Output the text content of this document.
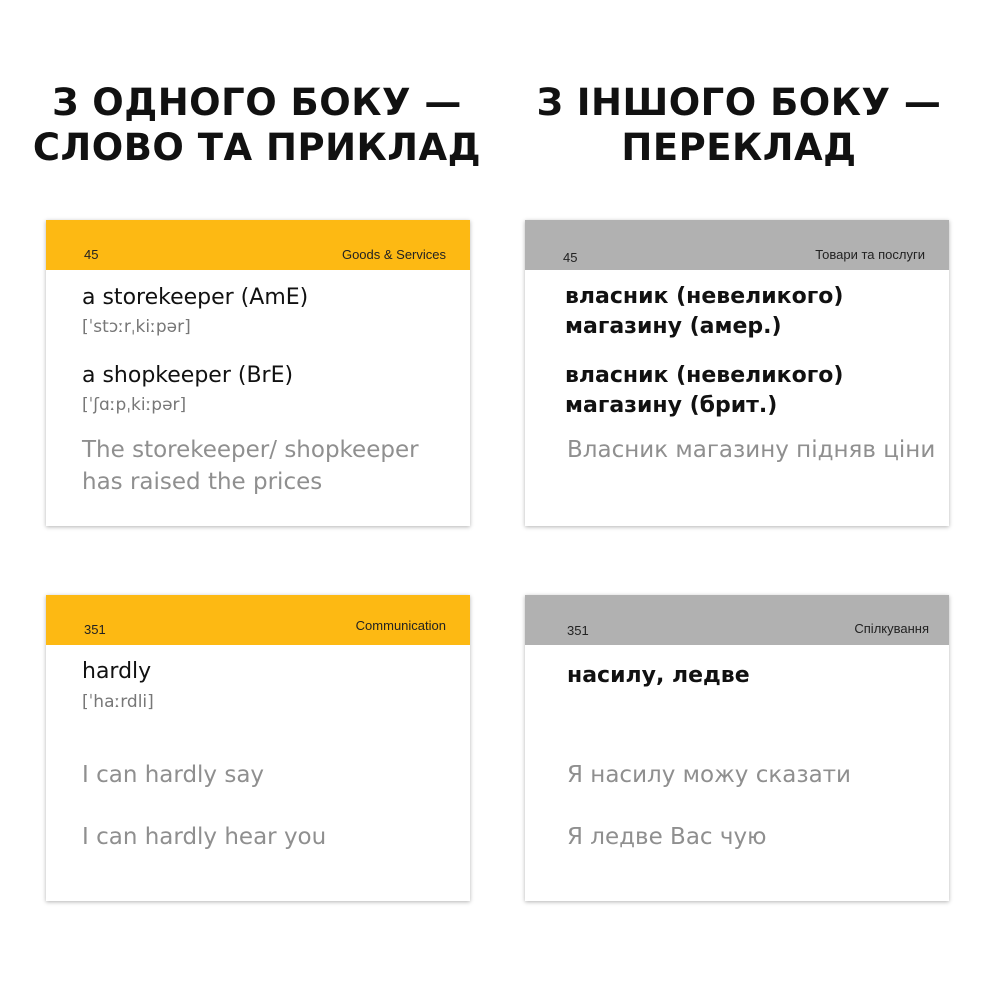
З ОДНОГО БОКУ —
СЛОВО ТА ПРИКЛАД
З ІНШОГО БОКУ —
ПЕРЕКЛАД
45	Goods & Services
a storekeeper (AmE)
[ˈstɔːrˌkiːpər]
a shopkeeper (BrE)
[ˈʃɑːpˌkiːpər]
The storekeeper/ shopkeeper
has raised the prices
45	Товари та послуги
власник (невеликого)
магазину (амер.)
власник (невеликого)
магазину (брит.)
Власник магазину підняв ціни
351	Communication
hardly
[ˈhaːrdli]
I can hardly say
I can hardly hear you
351	Спілкування
насилу, ледве
Я насилу можу сказати
Я ледве Вас чую
